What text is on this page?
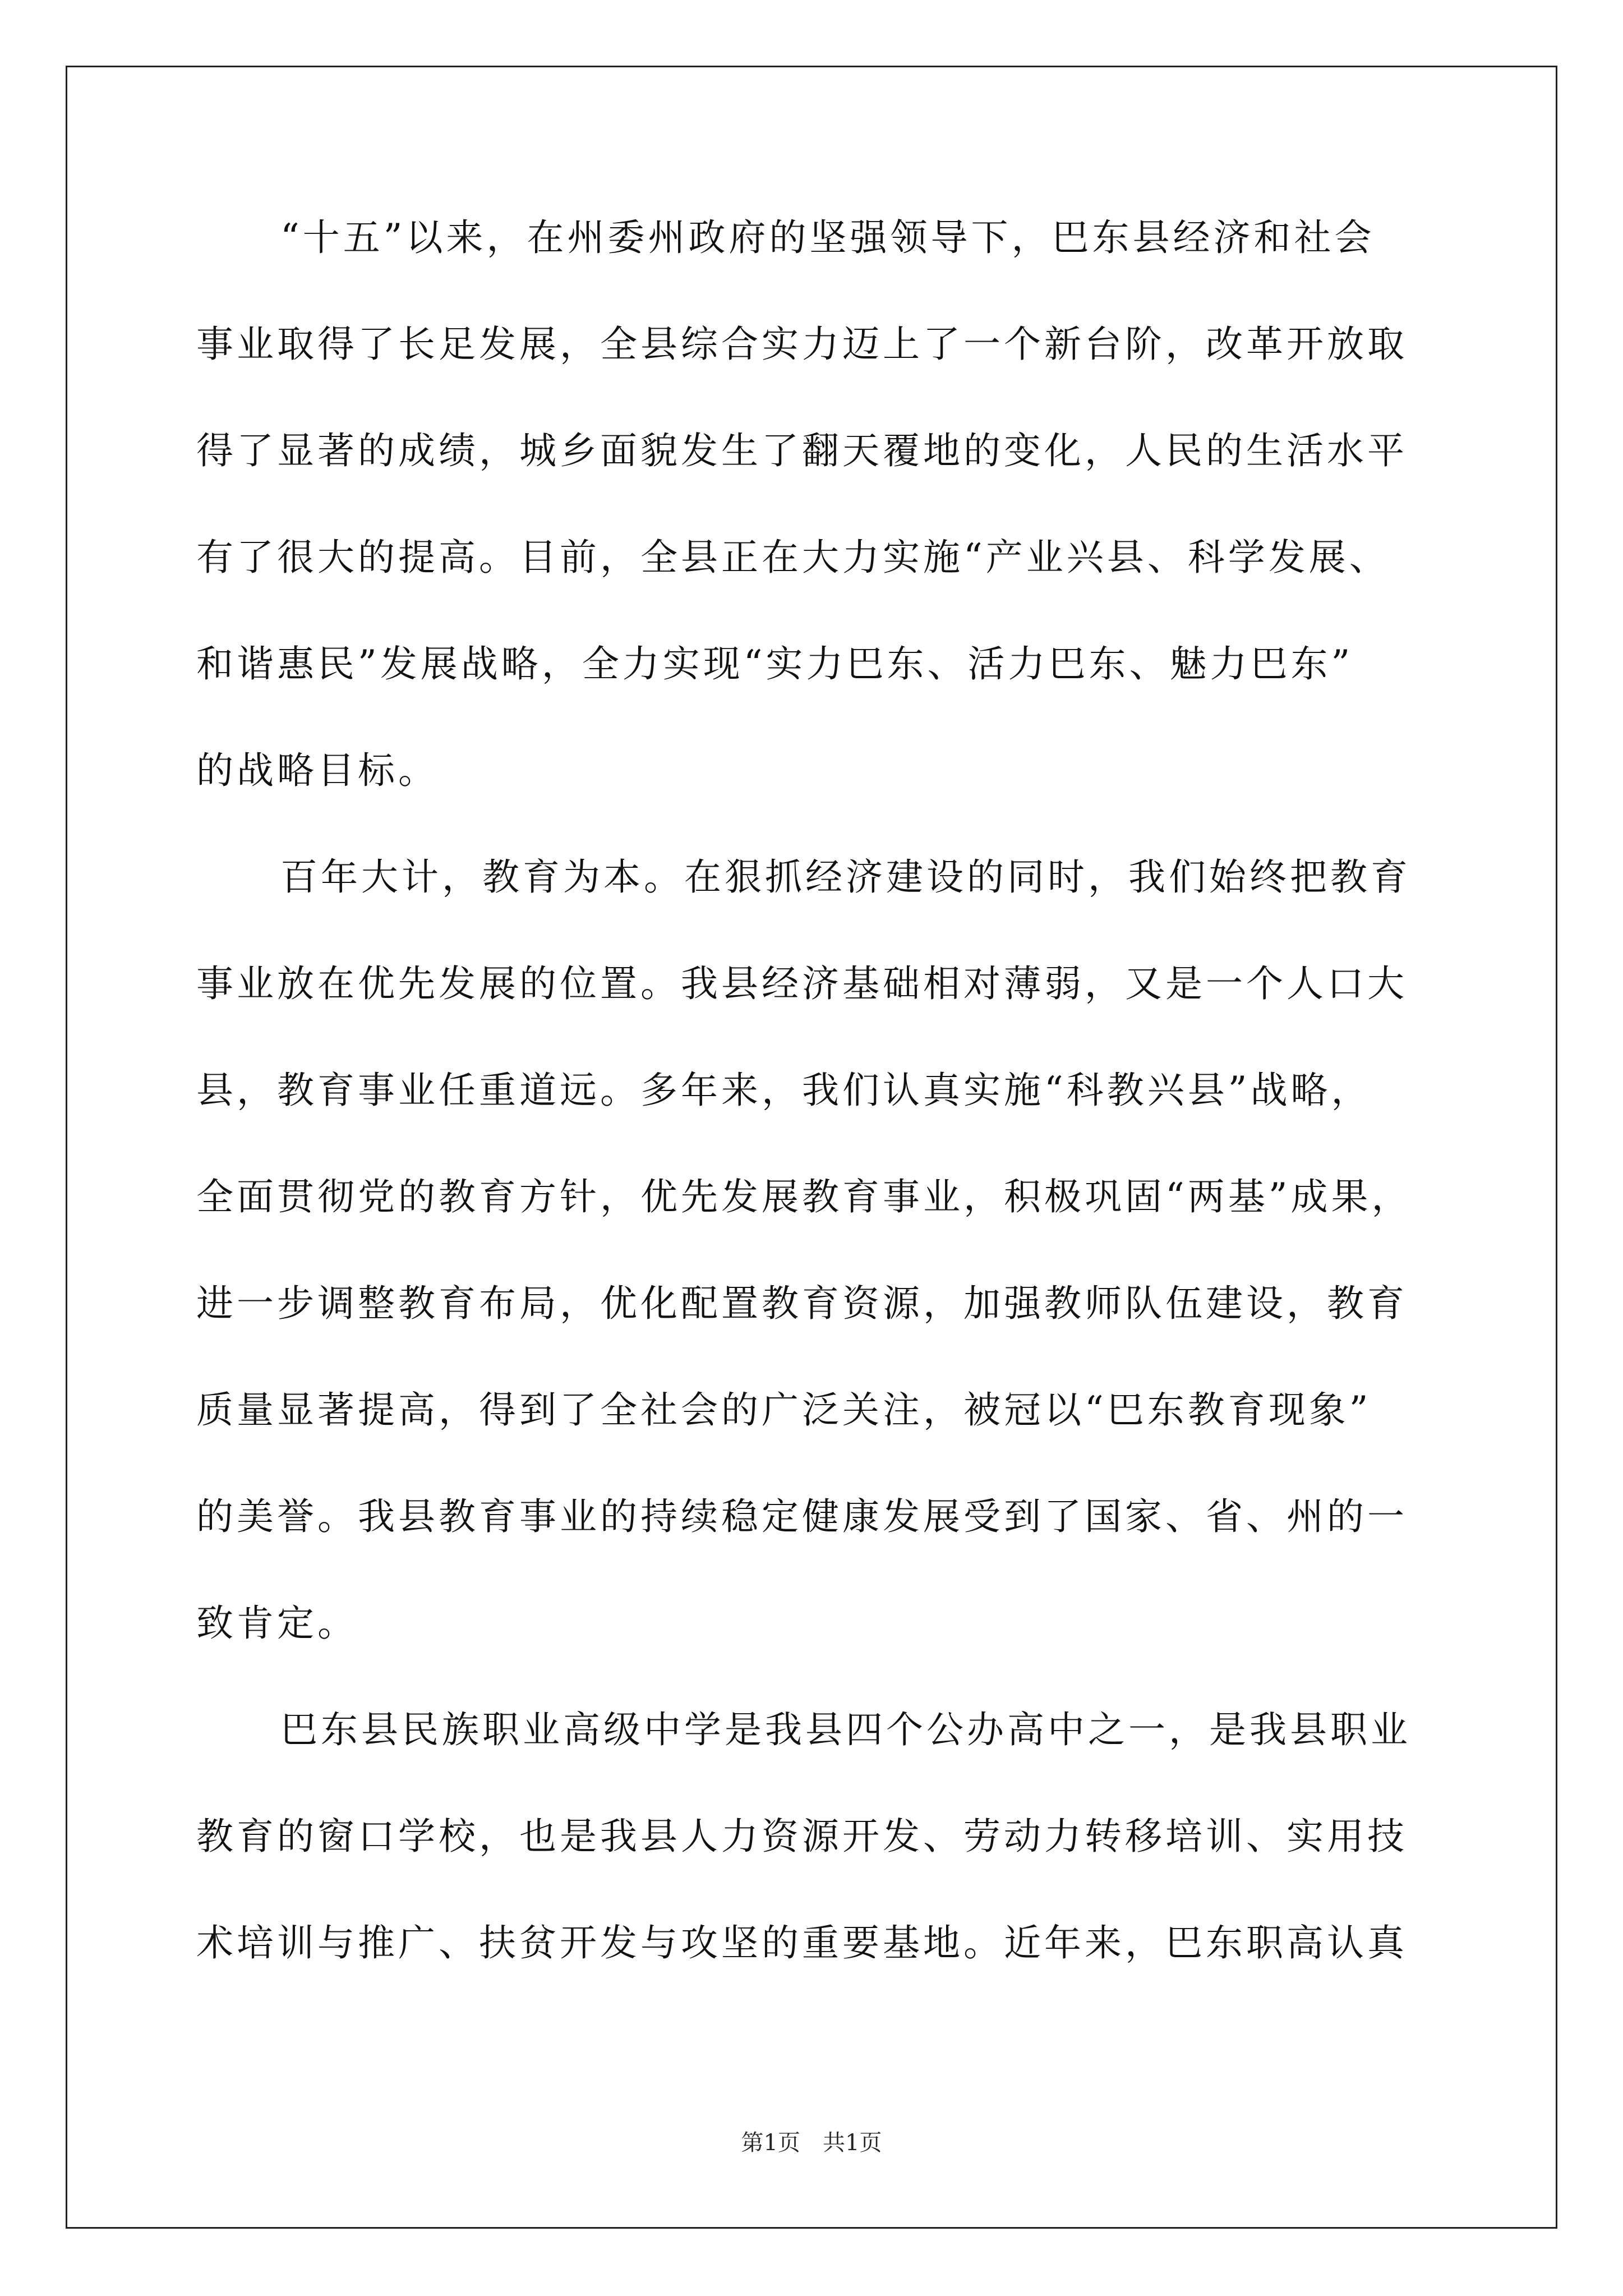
“十五”以来，在州委州政府的坚强领导下，巴东县经济和社会
事业取得了长足发展，全县综合实力迈上了一个新台阶，改革开放取
得了显著的成绩，城乡面貌发生了翻天覆地的变化，人民的生活水平
有了很大的提高。目前，全县正在大力实施“产业兴县、科学发展、
和谐惠民”发展战略，全力实现“实力巴东、活力巴东、魅力巴东”
的战略目标。
百年大计，教育为本。在狠抓经济建设的同时，我们始终把教育
事业放在优先发展的位置。我县经济基础相对薄弱，又是一个人口大
县，教育事业任重道远。多年来，我们认真实施“科教兴县”战略，
全面贯彻党的教育方针，优先发展教育事业，积极巩固“两基”成果，
进一步调整教育布局，优化配置教育资源，加强教师队伍建设，教育
质量显著提高，得到了全社会的广泛关注，被冠以“巴东教育现象”
的美誉。我县教育事业的持续稳定健康发展受到了国家、省、州的一
致肯定。
巴东县民族职业高级中学是我县四个公办高中之一，是我县职业
教育的窗口学校，也是我县人力资源开发、劳动力转移培训、实用技
术培训与推广、扶贫开发与攻坚的重要基地。近年来，巴东职高认真
第1页 共1页
